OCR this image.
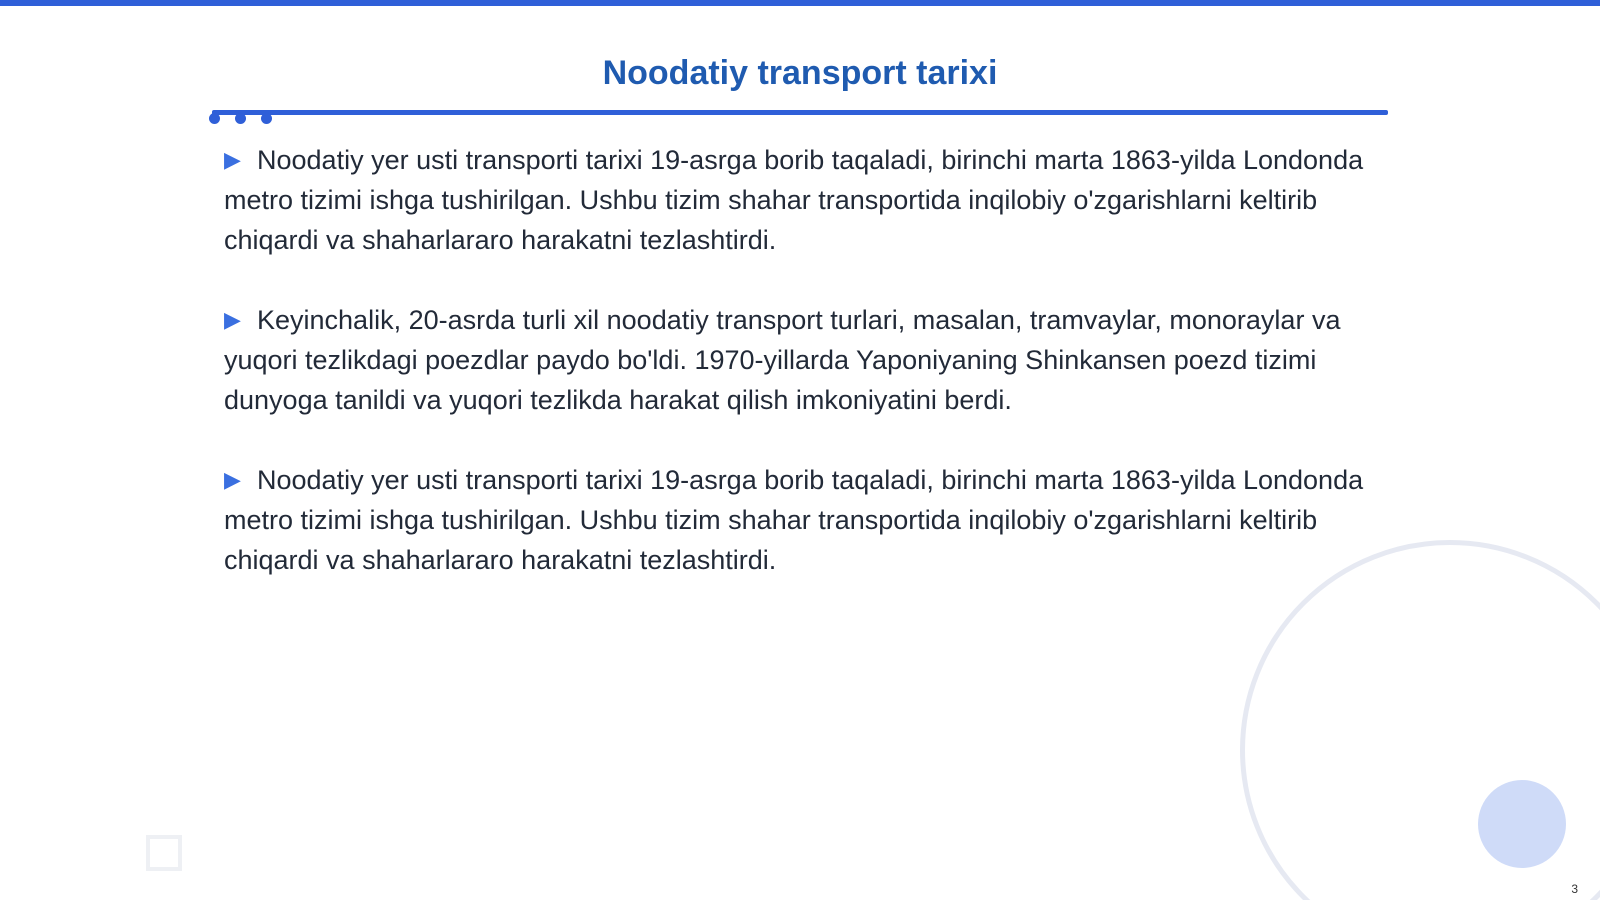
Noodatiy transport tarixi

▶ Noodatiy yer usti transporti tarixi 19-asrga borib taqaladi, birinchi marta 1863-yilda Londonda metro tizimi ishga tushirilgan. Ushbu tizim shahar transportida inqilobiy o'zgarishlarni keltirib chiqardi va shaharlararo harakatni tezlashtirdi.

▶ Keyinchalik, 20-asrda turli xil noodatiy transport turlari, masalan, tramvaylar, monoraylar va yuqori tezlikdagi poezdlar paydo bo'ldi. 1970-yillarda Yaponiyaning Shinkansen poezd tizimi dunyoga tanildi va yuqori tezlikda harakat qilish imkoniyatini berdi.

▶ Noodatiy yer usti transporti tarixi 19-asrga borib taqaladi, birinchi marta 1863-yilda Londonda metro tizimi ishga tushirilgan. Ushbu tizim shahar transportida inqilobiy o'zgarishlarni keltirib chiqardi va shaharlararo harakatni tezlashtirdi.

3
